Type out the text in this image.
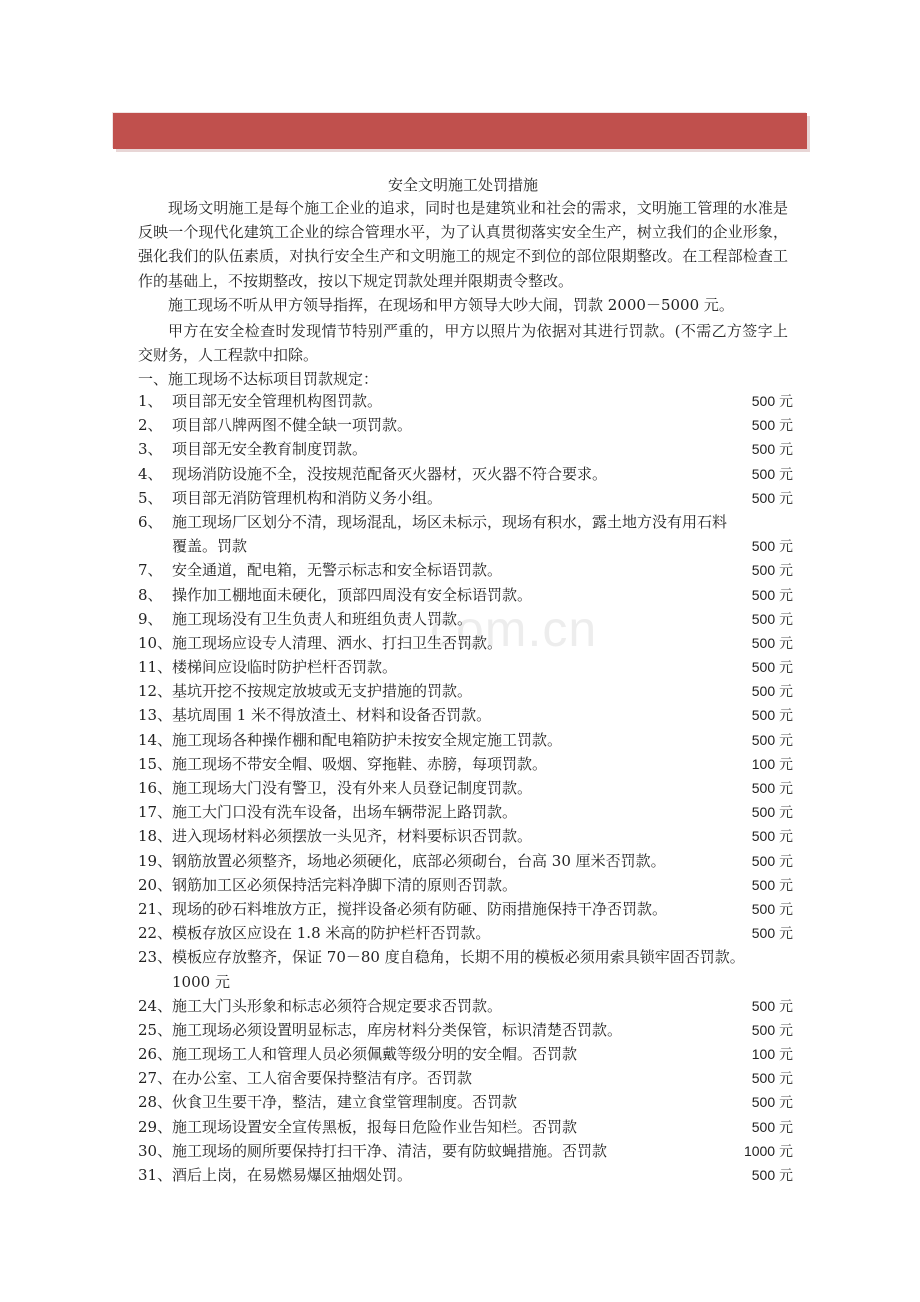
安全文明施工处罚措施
现场文明施工是每个施工企业的追求，同时也是建筑业和社会的需求，文明施工管理的水准是反映一个现代化建筑工企业的综合管理水平，为了认真贯彻落实安全生产，树立我们的企业形象，强化我们的队伍素质，对执行安全生产和文明施工的规定不到位的部位限期整改。在工程部检查工作的基础上，不按期整改，按以下规定罚款处理并限期责令整改。
施工现场不听从甲方领导指挥，在现场和甲方领导大吵大闹，罚款 2000－5000 元。
甲方在安全检查时发现情节特别严重的，甲方以照片为依据对其进行罚款。(不需乙方签字上交财务，人工程款中扣除。
一、施工现场不达标项目罚款规定：
1、 项目部无安全管理机构图罚款。	500 元
2、 项目部八牌两图不健全缺一项罚款。	500 元
3、 项目部无安全教育制度罚款。	500 元
4、 现场消防设施不全，没按规范配备灭火器材，灭火器不符合要求。	500 元
5、 项目部无消防管理机构和消防义务小组。	500 元
6、 施工现场厂区划分不清，现场混乱，场区未标示，现场有积水，露土地方没有用石料
覆盖。罚款	500 元
7、 安全通道，配电箱，无警示标志和安全标语罚款。	500 元
8、 操作加工棚地面未硬化，顶部四周没有安全标语罚款。	500 元
9、 施工现场没有卫生负责人和班组负责人罚款。	500 元
10、 施工现场应设专人清理、洒水、打扫卫生否罚款。	500 元
11、 楼梯间应设临时防护栏杆否罚款。	500 元
12、 基坑开挖不按规定放坡或无支护措施的罚款。	500 元
13、 基坑周围 1 米不得放渣土、材料和设备否罚款。	500 元
14、 施工现场各种操作棚和配电箱防护未按安全规定施工罚款。	500 元
15、 施工现场不带安全帽、吸烟、穿拖鞋、赤膀，每项罚款。	100 元
16、 施工现场大门没有警卫，没有外来人员登记制度罚款。	500 元
17、 施工大门口没有洗车设备，出场车辆带泥上路罚款。	500 元
18、 进入现场材料必须摆放一头见齐，材料要标识否罚款。	500 元
19、 钢筋放置必须整齐，场地必须硬化，底部必须砌台，台高 30 厘米否罚款。	500 元
20、 钢筋加工区必须保持活完料净脚下清的原则否罚款。	500 元
21、 现场的砂石料堆放方正，搅拌设备必须有防砸、防雨措施保持干净否罚款。	500 元
22、 模板存放区应设在 1.8 米高的防护栏杆否罚款。	500 元
23、 模板应存放整齐，保证 70－80 度自稳角，长期不用的模板必须用索具锁牢固否罚款。
1000 元
24、 施工大门头形象和标志必须符合规定要求否罚款。	500 元
25、 施工现场必须设置明显标志，库房材料分类保管，标识清楚否罚款。	500 元
26、 施工现场工人和管理人员必须佩戴等级分明的安全帽。否罚款	100 元
27、 在办公室、工人宿舍要保持整洁有序。否罚款	500 元
28、 伙食卫生要干净，整洁，建立食堂管理制度。否罚款	500 元
29、 施工现场设置安全宣传黑板，报每日危险作业告知栏。否罚款	500 元
30、 施工现场的厕所要保持打扫干净、清洁，要有防蚊蝇措施。否罚款	1000 元
31、 酒后上岗，在易燃易爆区抽烟处罚。	500 元
com.cn
